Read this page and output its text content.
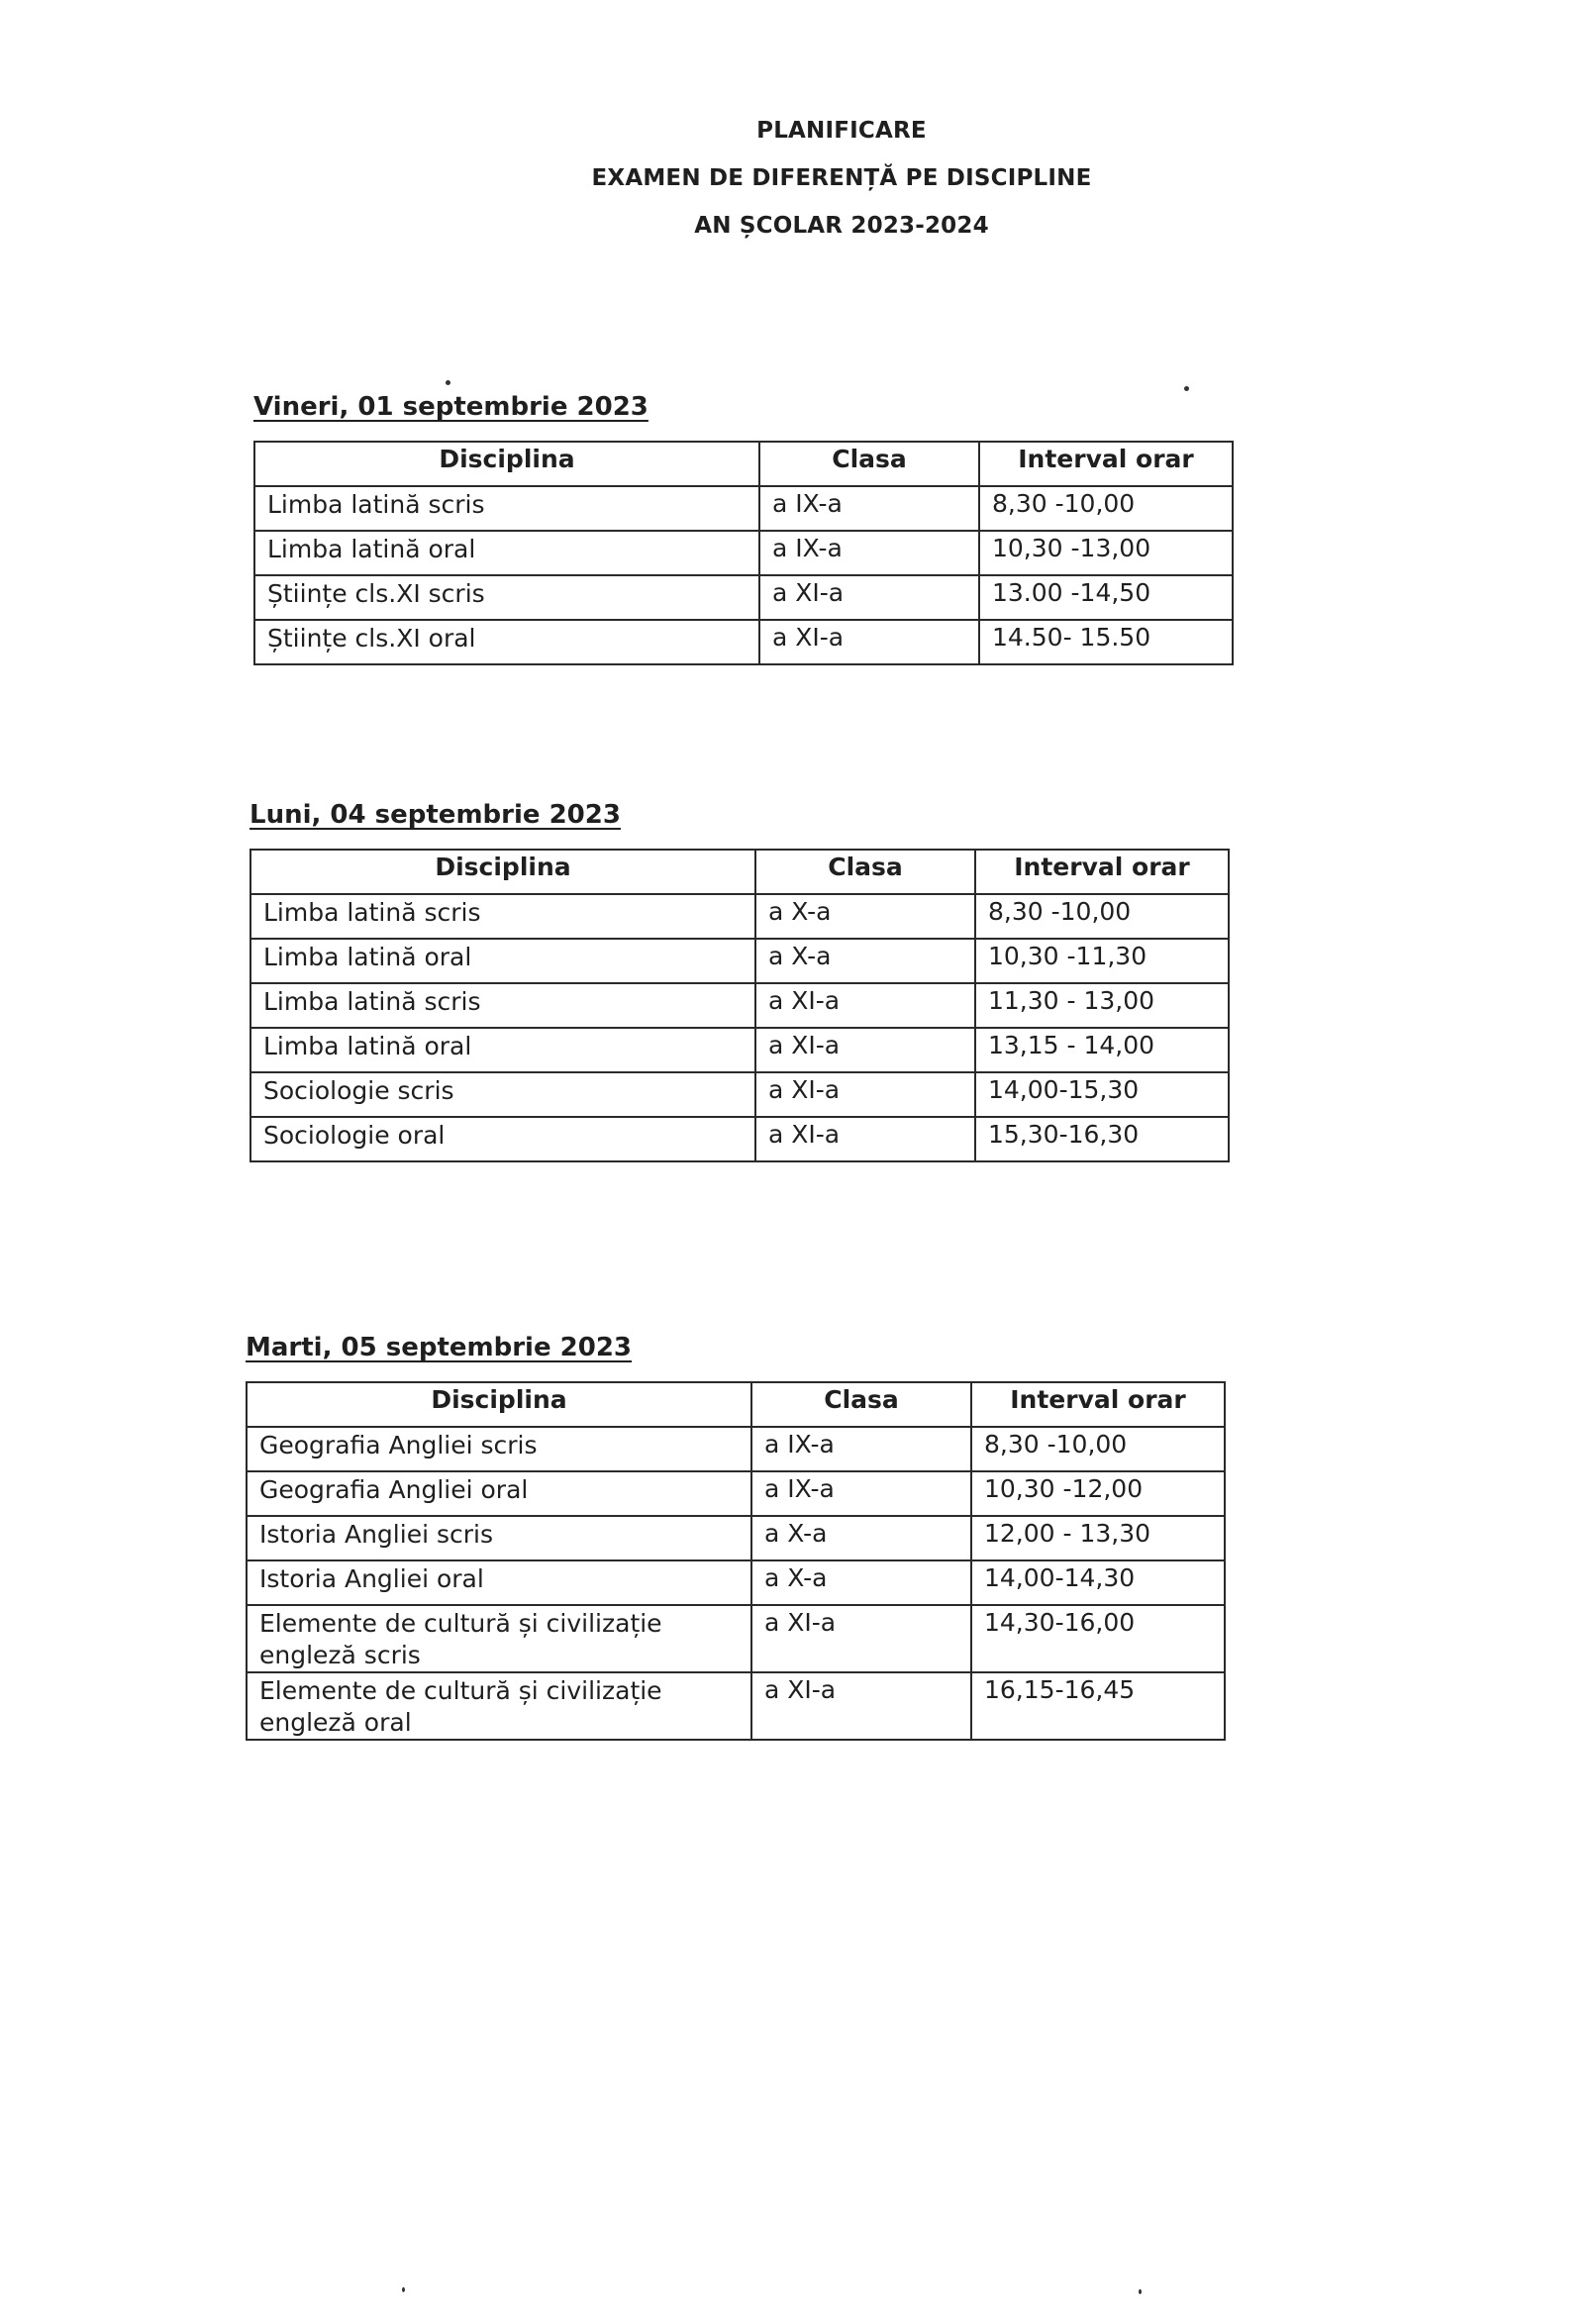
PLANIFICARE
EXAMEN DE DIFERENȚĂ PE DISCIPLINE
AN ȘCOLAR 2023-2024
Vineri, 01 septembrie 2023
Disciplina	Clasa	Interval orar
Limba latină scris	a IX-a	8,30 -10,00
Limba latină oral	a IX-a	10,30 -13,00
Științe cls.XI scris	a XI-a	13.00 -14,50
Științe cls.XI oral	a XI-a	14.50- 15.50
Luni, 04 septembrie 2023
Disciplina	Clasa	Interval orar
Limba latină scris	a X-a	8,30 -10,00
Limba latină oral	a X-a	10,30 -11,30
Limba latină scris	a XI-a	11,30 - 13,00
Limba latină oral	a XI-a	13,15 - 14,00
Sociologie scris	a XI-a	14,00-15,30
Sociologie oral	a XI-a	15,30-16,30
Marti, 05 septembrie 2023
Disciplina	Clasa	Interval orar
Geografia Angliei scris	a IX-a	8,30 -10,00
Geografia Angliei oral	a IX-a	10,30 -12,00
Istoria Angliei scris	a X-a	12,00 - 13,30
Istoria Angliei oral	a X-a	14,00-14,30
Elemente de cultură și civilizație engleză scris	a XI-a	14,30-16,00
Elemente de cultură și civilizație engleză oral	a XI-a	16,15-16,45
